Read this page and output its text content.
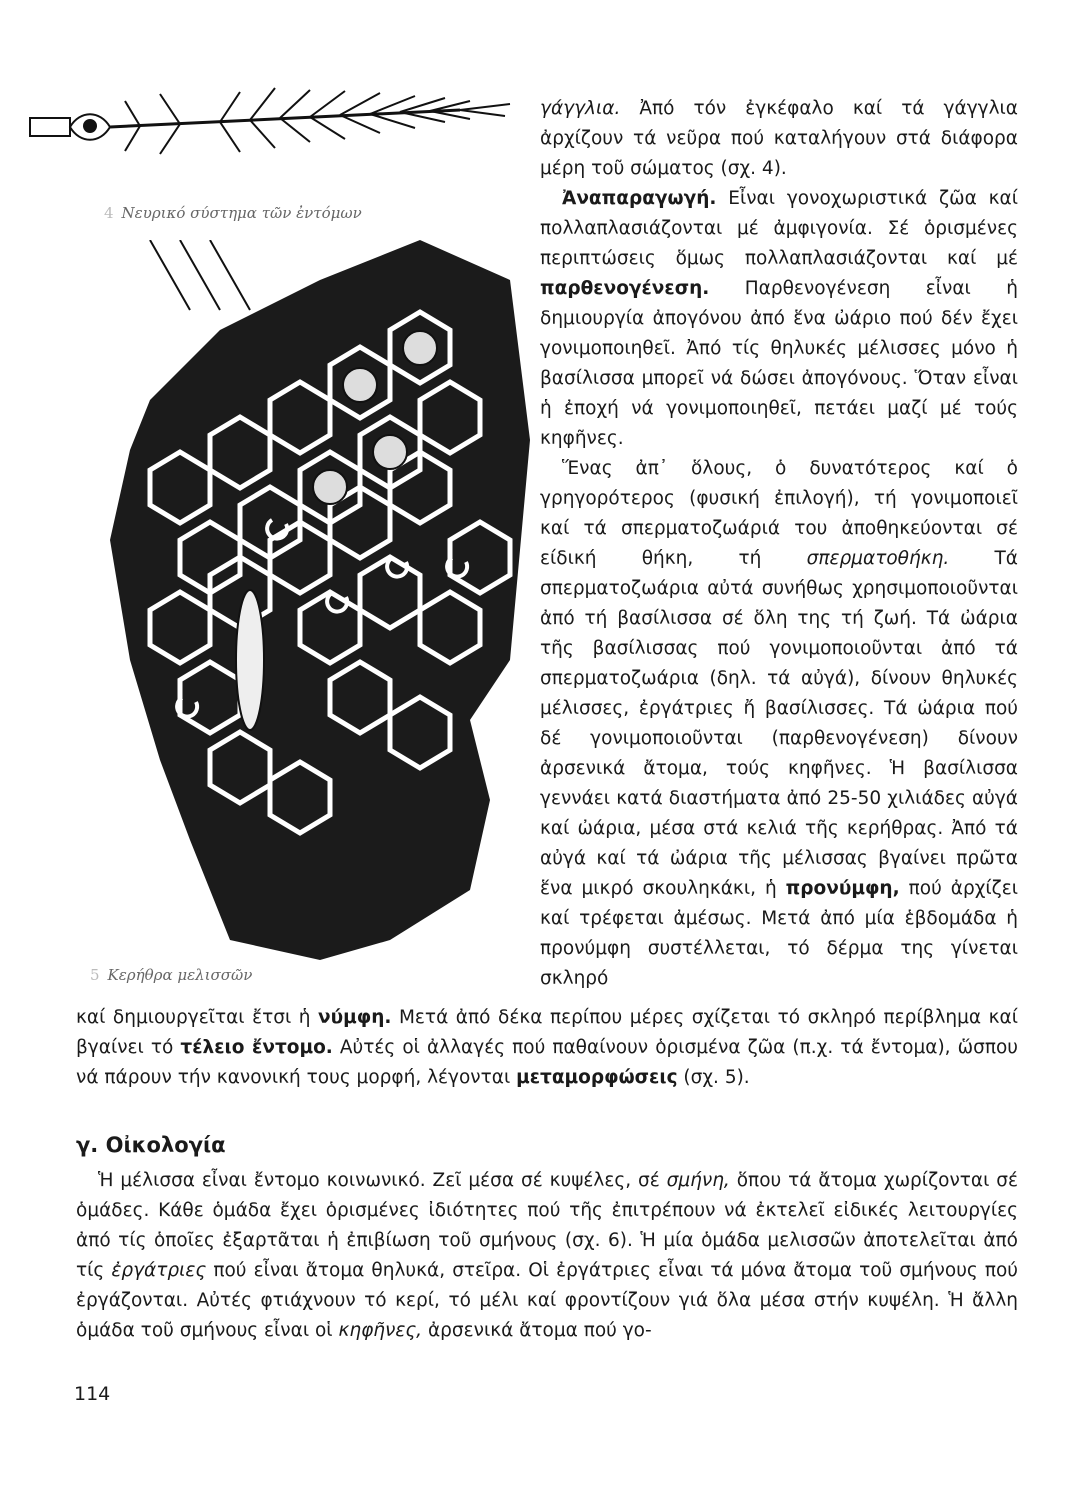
4 Νευρικό σύστημα τῶν ἐντόμων
5 Κερήθρα μελισσῶν

γάγγλια. Ἀπό τόν ἐγκέφαλο καί τά γάγγλια ἀρχίζουν τά νεῦρα πού καταλήγουν στά διάφορα μέρη τοῦ σώματος (σχ. 4).

Ἀναπαραγωγή. Εἶναι γονοχωριστικά ζῶα καί πολλαπλασιάζονται μέ ἀμφιγονία. Σέ ὁρισμένες περιπτώσεις ὅμως πολλαπλασιάζονται καί μέ παρθενογένεση. Παρθενογένεση εἶναι ἡ δημιουργία ἀπογόνου ἀπό ἕνα ὠάριο πού δέν ἔχει γονιμοποιηθεῖ. Ἀπό τίς θηλυκές μέλισσες μόνο ἡ βασίλισσα μπορεῖ νά δώσει ἀπογόνους. Ὅταν εἶναι ἡ ἐποχή νά γονιμοποιηθεῖ, πετάει μαζί μέ τούς κηφῆνες.

Ἕνας ἀπ᾿ ὅλους, ὁ δυνατότερος καί ὁ γρηγορότερος (φυσική ἐπιλογή), τή γονιμοποιεῖ καί τά σπερματοζωάριά του ἀποθηκεύονται σέ είδική θήκη, τή σπερματοθήκη. Τά σπερματοζωάρια αὐτά συνήθως χρησιμοποιοῦνται ἀπό τή βασίλισσα σέ ὅλη της τή ζωή. Τά ὠάρια τῆς βασίλισσας πού γονιμοποιοῦνται ἀπό τά σπερματοζωάρια (δηλ. τά αὐγά), δίνουν θηλυκές μέλισσες, ἐργάτριες ἤ βασίλισσες. Τά ὠάρια πού δέ γονιμοποιοῦνται (παρθενογένεση) δίνουν ἀρσενικά ἄτομα, τούς κηφῆνες. Ἡ βασίλισσα γεννάει κατά διαστήματα ἀπό 25-50 χιλιάδες αὐγά καί ὠάρια, μέσα στά κελιά τῆς κερήθρας. Ἀπό τά αὐγά καί τά ὠάρια τῆς μέλισσας βγαίνει πρῶτα ἕνα μικρό σκουληκάκι, ἡ προνύμφη, πού ἀρχίζει καί τρέφεται ἀμέσως. Μετά ἀπό μία ἑβδομάδα ἡ προνύμφη συστέλλεται, τό δέρμα της γίνεται σκληρό

καί δημιουργεῖται ἔτσι ἡ νύμφη. Μετά ἀπό δέκα περίπου μέρες σχίζεται τό σκληρό περίβλημα καί βγαίνει τό τέλειο ἔντομο. Αὐτές οἱ ἀλλαγές πού παθαίνουν ὁρισμένα ζῶα (π.χ. τά ἔντομα), ὥσπου νά πάρουν τήν κανονική τους μορφή, λέγονται μεταμορφώσεις (σχ. 5).

γ. Οἰκολογία

Ἡ μέλισσα εἶναι ἔντομο κοινωνικό. Ζεῖ μέσα σέ κυψέλες, σέ σμήνη, ὅπου τά ἄτομα χωρίζονται σέ ὁμάδες. Κάθε ὁμάδα ἔχει ὁρισμένες ἰδιότητες πού τῆς ἐπιτρέπουν νά ἐκτελεῖ εἰδικές λειτουργίες ἀπό τίς ὁποῖες ἐξαρτᾶται ἡ ἐπιβίωση τοῦ σμήνους (σχ. 6). Ἡ μία ὁμάδα μελισσῶν ἀποτελεῖται ἀπό τίς ἐργάτριες πού εἶναι ἄτομα θηλυκά, στεῖρα. Οἱ ἐργάτριες εἶναι τά μόνα ἄτομα τοῦ σμήνους πού ἐργάζονται. Αὐτές φτιάχνουν τό κερί, τό μέλι καί φροντίζουν γιά ὅλα μέσα στήν κυψέλη. Ἡ ἄλλη ὁμάδα τοῦ σμήνους εἶναι οἱ κηφῆνες, ἀρσενικά ἄτομα πού γο-

114
